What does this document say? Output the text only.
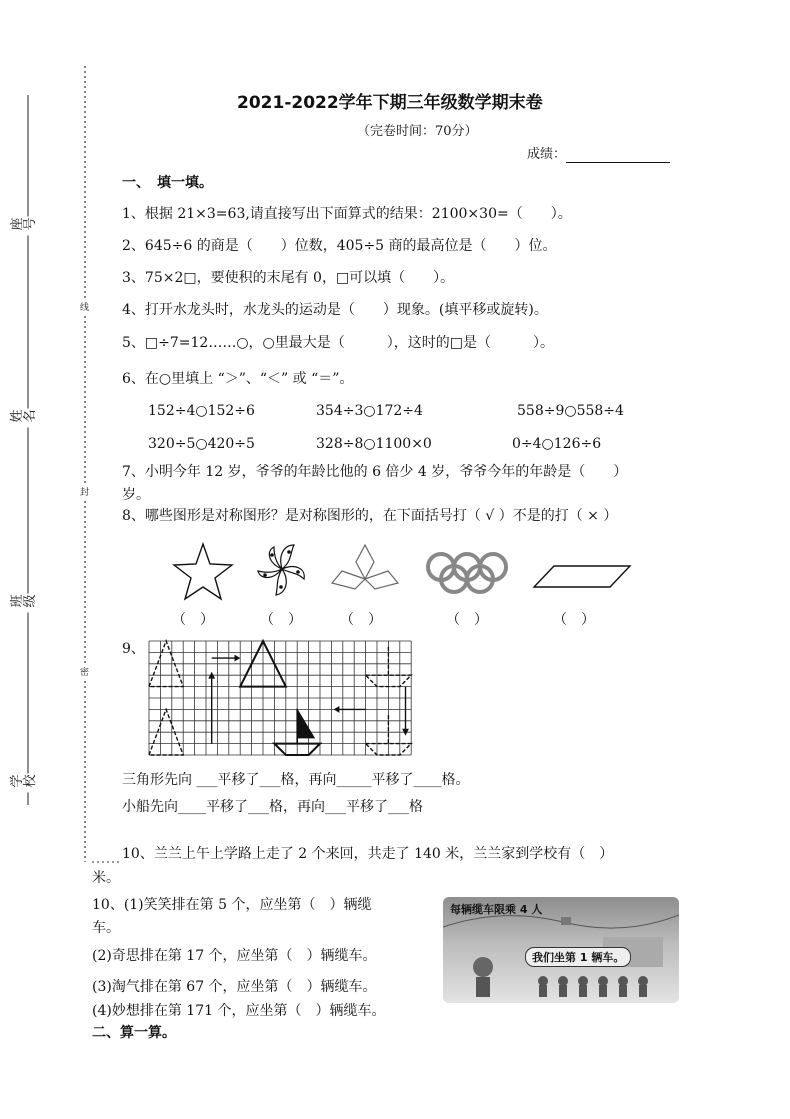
座号
姓名
班级
学校
线
封
密
2021-2022学年下期三年级数学期末卷
（完卷时间：70分）
成绩：
一、　填一填。
1、根据 21×3=63,请直接写出下面算式的结果：2100×30=（　　）。
2、645÷6 的商是（　　）位数，405÷5 商的最高位是（　　）位。
3、75×2□，要使积的末尾有 0，□可以填（　　）。
4、打开水龙头时，水龙头的运动是（　　）现象。(填平移或旋转)。
5、□÷7=12……○，○里最大是（　　　），这时的□是（　　　）。
6、在○里填上 “＞”、“＜” 或 “＝”。
152÷4○152÷6	354÷3○172÷4	558÷9○558÷4
320÷5○420÷5	328÷8○1100×0	0÷4○126÷6
7、小明今年 12 岁，爷爷的年龄比他的 6 倍少 4 岁，爷爷今年的年龄是（　　）
岁。
8、哪些图形是对称图形？是对称图形的，在下面括号打（ √ ）不是的打（ × ）
（　）	（　）	（　）	（　）	（　）
9、
三角形先向 ___平移了___格，再向_____平移了____格。
小船先向____平移了___格，再向___平移了___格
10、兰兰上午上学路上走了 2 个来回，共走了 140 米，兰兰家到学校有（　）
米。
10、(1)笑笑排在第 5 个，应坐第（　）辆缆
车。
(2)奇思排在第 17 个，应坐第（　）辆缆车。
(3)淘气排在第 67 个，应坐第（　）辆缆车。
(4)妙想排在第 171 个，应坐第（　）辆缆车。
每辆缆车限乘 4 人
我们坐第 1 辆车。
二、算一算。
